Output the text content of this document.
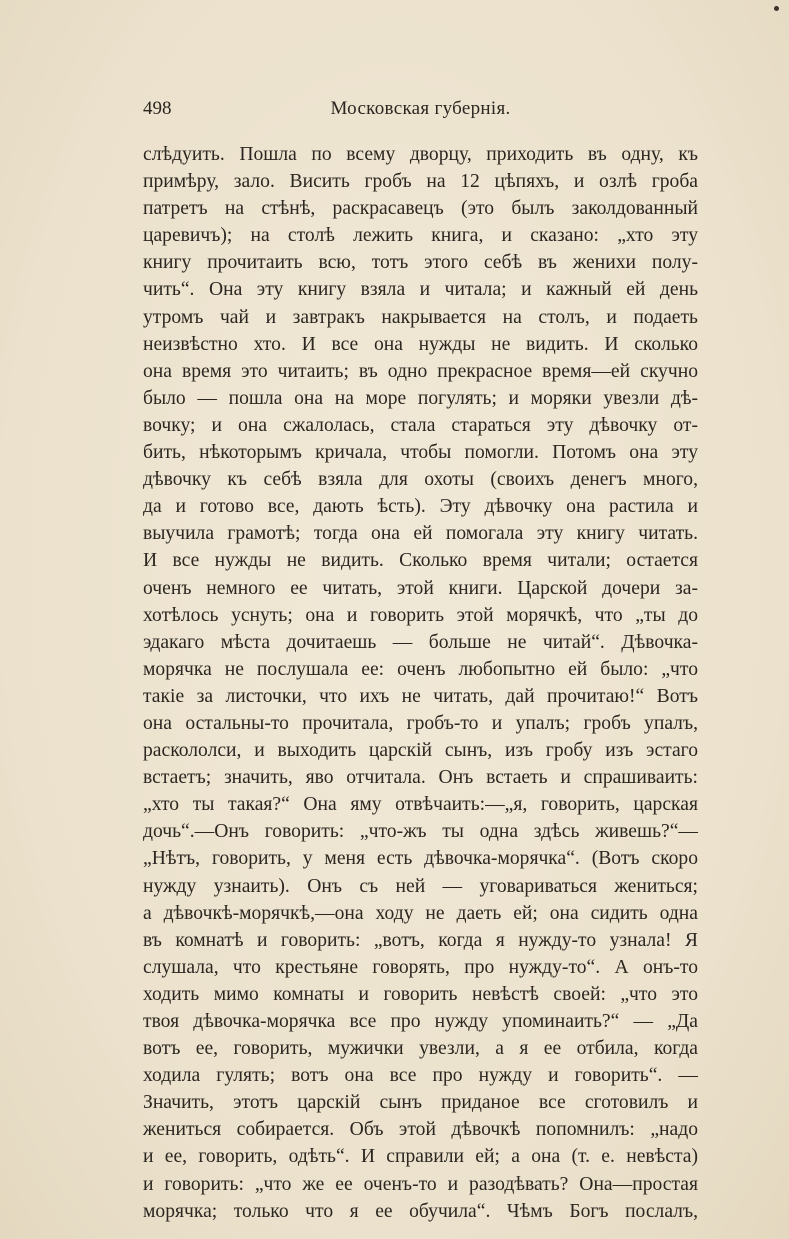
498	Московская губернія.
слѣдуить. Пошла по всему дворцу, приходить въ одну, къ
примѣру, зало. Висить гробъ на 12 цѣпяхъ, и озлѣ гроба
патретъ на стѣнѣ, раскрасавецъ (это былъ заколдованный
царевичъ); на столѣ лежить книга, и сказано: „хто эту
книгу прочитаить всю, тотъ этого себѣ въ женихи полу-
чить“. Она эту книгу взяла и читала; и кажный ей день
утромъ чай и завтракъ накрывается на столъ, и подаеть
неизвѣстно хто. И все она нужды не видить. И сколько
она время это читаить; въ одно прекрасное время—ей скучно
было — пошла она на море погулять; и моряки увезли дѣ-
вочку; и она сжалолась, стала стараться эту дѣвочку от-
бить, нѣкоторымъ кричала, чтобы помогли. Потомъ она эту
дѣвочку къ себѣ взяла для охоты (своихъ денегъ много,
да и готово все, дають ѣсть). Эту дѣвочку она растила и
выучила грамотѣ; тогда она ей помогала эту книгу читать.
И все нужды не видить. Сколько время читали; остается
оченъ немного ее читать, этой книги. Царской дочери за-
хотѣлось уснуть; она и говорить этой морячкѣ, что „ты до
эдакаго мѣста дочитаешь — больше не читай“. Дѣвочка-
морячка не послушала ее: оченъ любопытно ей было: „что
такіе за листочки, что ихъ не читать, дай прочитаю!“ Вотъ
она остальны-то прочитала, гробъ-то и упалъ; гробъ упалъ,
раскололси, и выходить царскій сынъ, изъ гробу изъ эстаго
встаетъ; значить, яво отчитала. Онъ встаеть и спрашиваить:
„хто ты такая?“ Она яму отвѣчаить:—„я, говорить, царская
дочь“.—Онъ говорить: „что-жъ ты одна здѣсь живешь?“—
„Нѣтъ, говорить, у меня есть дѣвочка-морячка“. (Вотъ скоро
нужду узнаить). Онъ съ ней — уговариваться жениться;
а дѣвочкѣ-морячкѣ,—она ходу не даеть ей; она сидить одна
въ комнатѣ и говорить: „вотъ, когда я нужду-то узнала! Я
слушала, что крестьяне говорять, про нужду-то“. А онъ-то
ходить мимо комнаты и говорить невѣстѣ своей: „что это
твоя дѣвочка-морячка все про нужду упоминаить?“ — „Да
вотъ ее, говорить, мужички увезли, а я ее отбила, когда
ходила гулять; вотъ она все про нужду и говорить“. —
Значить, этотъ царскій сынъ приданое все сготовилъ и
жениться собирается. Объ этой дѣвочкѣ попомнилъ: „надо
и ее, говорить, одѣть“. И справили ей; а она (т. е. невѣста)
и говорить: „что же ее оченъ-то и разодѣвать? Она—простая
морячка; только что я ее обучила“. Чѣмъ Богъ послалъ,
